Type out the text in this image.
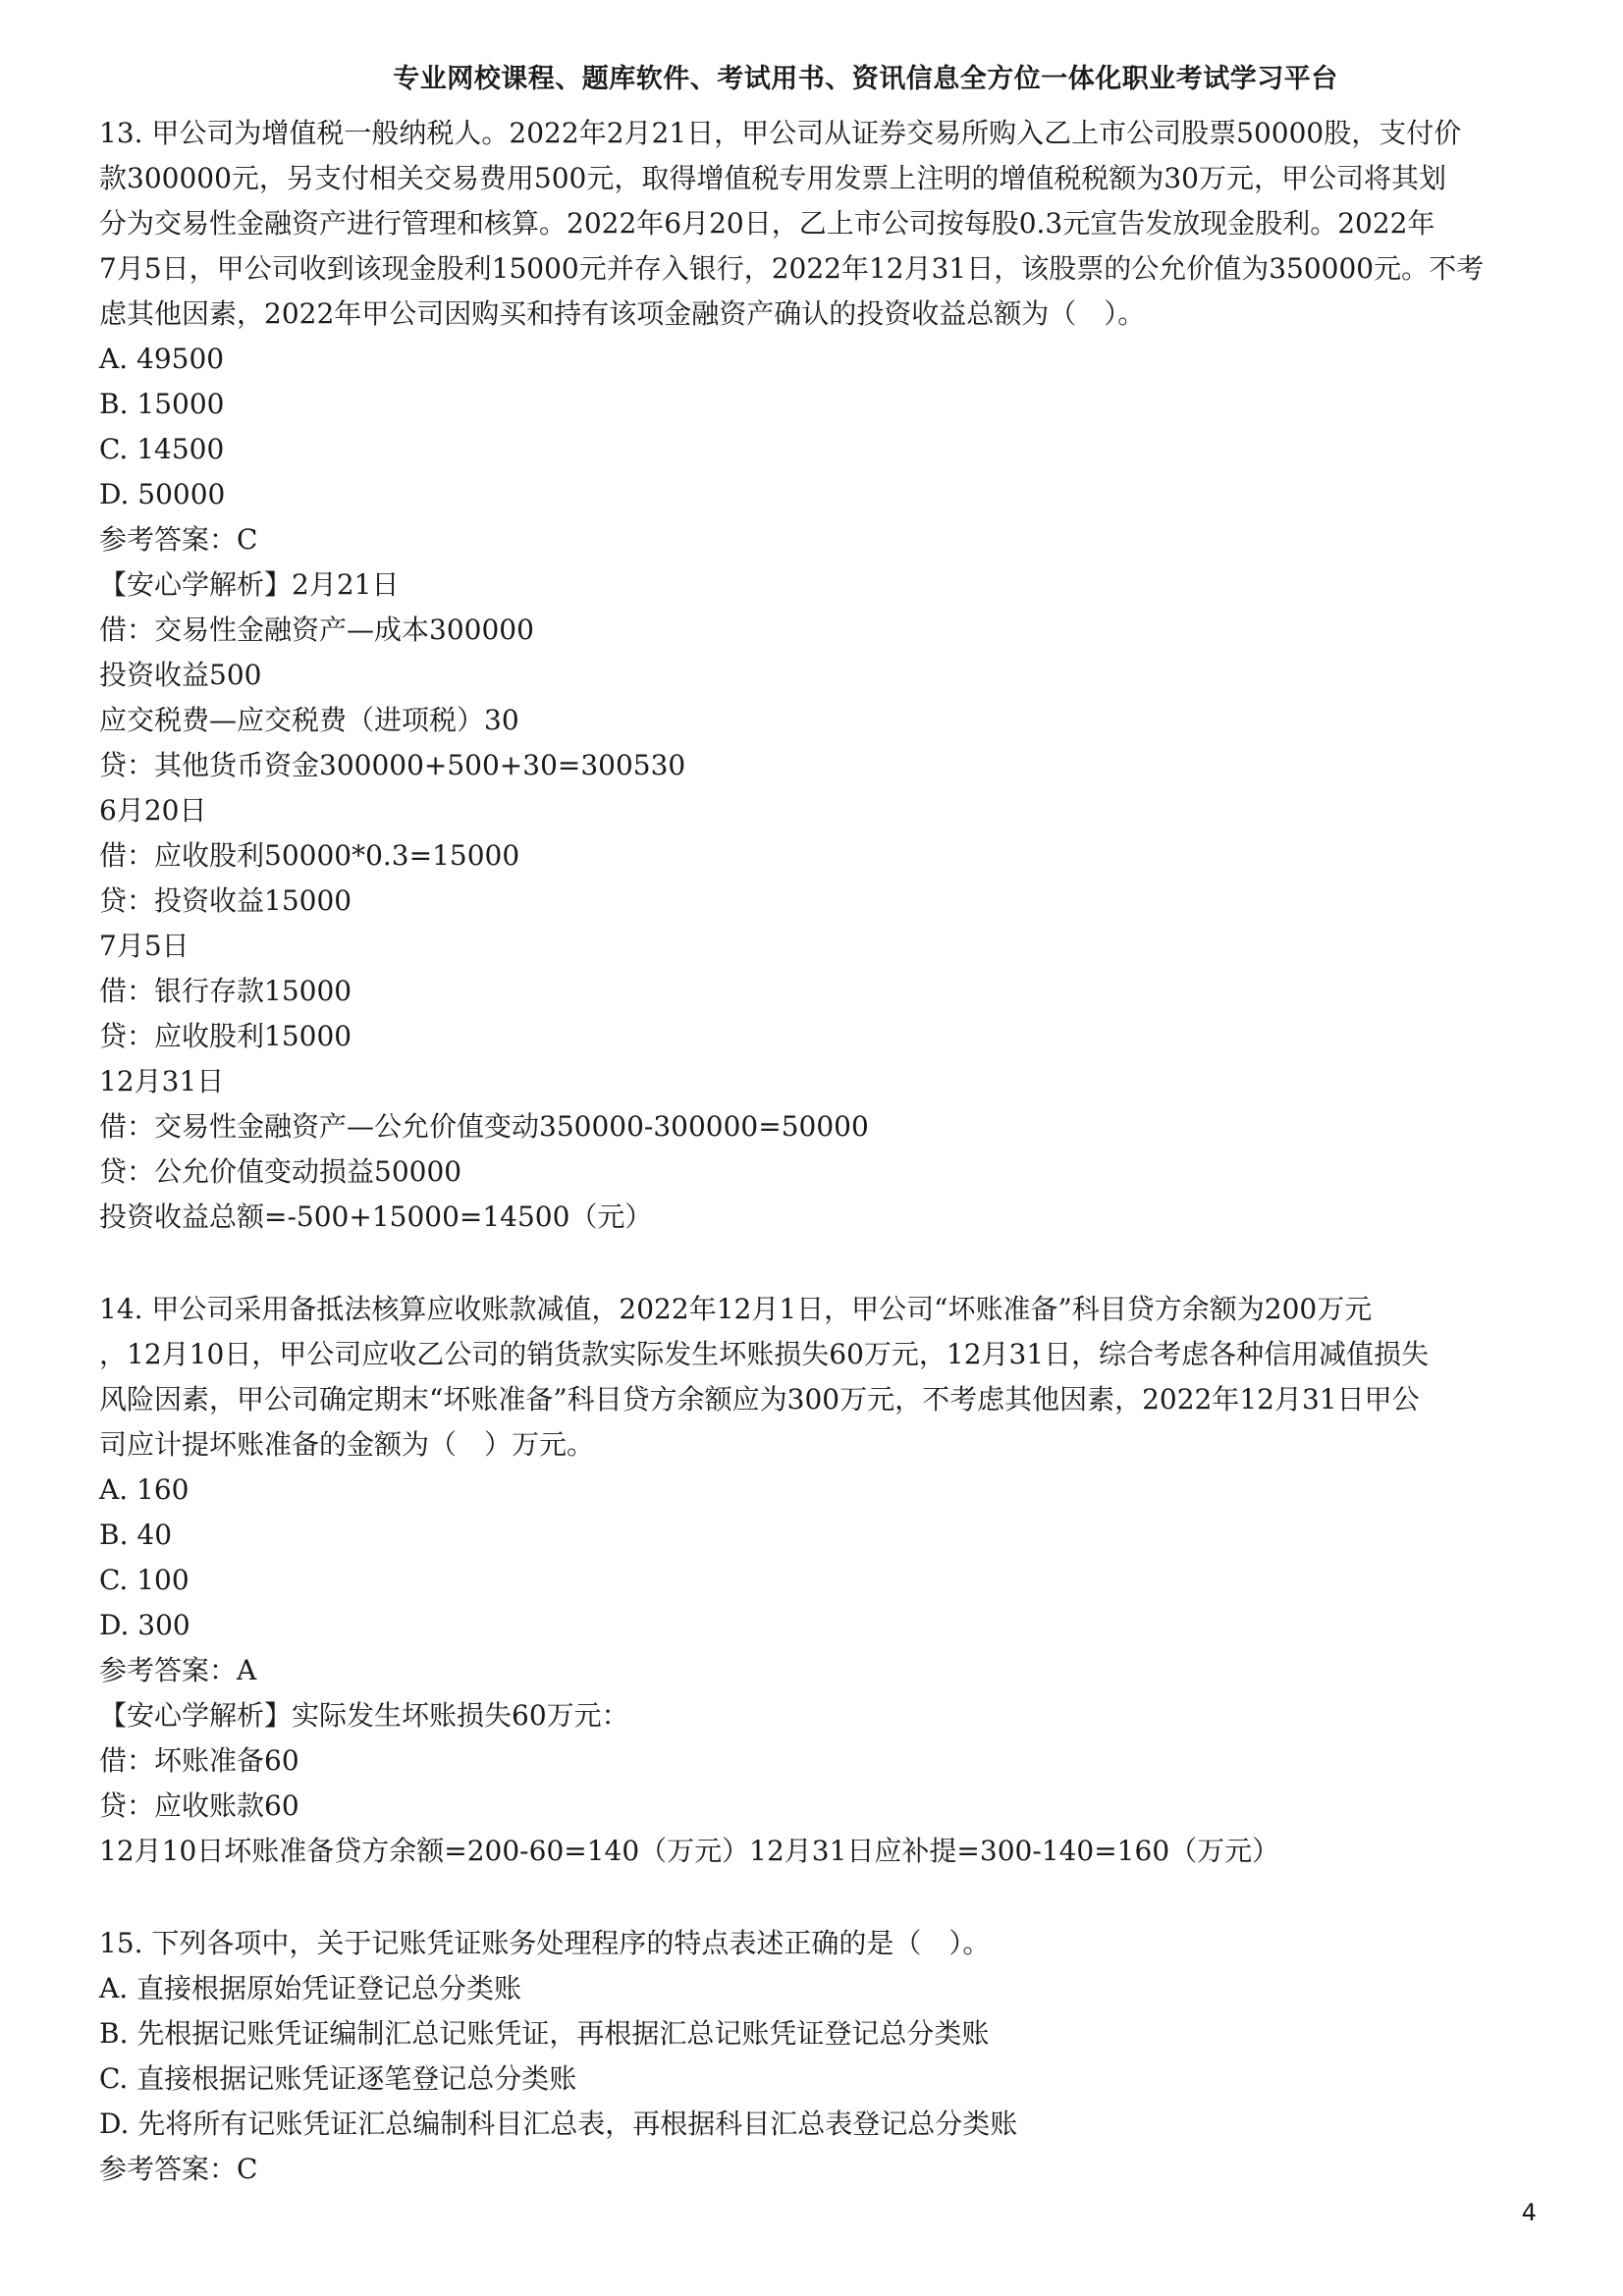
专业网校课程、题库软件、考试用书、资讯信息全方位一体化职业考试学习平台
13. 甲公司为增值税一般纳税人。2022年2月21日，甲公司从证券交易所购入乙上市公司股票50000股，支付价
款300000元，另支付相关交易费用500元，取得增值税专用发票上注明的增值税税额为30万元，甲公司将其划
分为交易性金融资产进行管理和核算。2022年6月20日，乙上市公司按每股0.3元宣告发放现金股利。2022年
7月5日，甲公司收到该现金股利15000元并存入银行，2022年12月31日，该股票的公允价值为350000元。不考
虑其他因素，2022年甲公司因购买和持有该项金融资产确认的投资收益总额为（　）。
A. 49500
B. 15000
C. 14500
D. 50000
参考答案：C
【安心学解析】2月21日
借：交易性金融资产—成本300000
投资收益500
应交税费—应交税费（进项税）30
贷：其他货币资金300000+500+30=300530
6月20日
借：应收股利50000*0.3=15000
贷：投资收益15000
7月5日
借：银行存款15000
贷：应收股利15000
12月31日
借：交易性金融资产—公允价值变动350000-300000=50000
贷：公允价值变动损益50000
投资收益总额=-500+15000=14500（元）
14. 甲公司采用备抵法核算应收账款减值，2022年12月1日，甲公司“坏账准备”科目贷方余额为200万元
，12月10日，甲公司应收乙公司的销货款实际发生坏账损失60万元，12月31日，综合考虑各种信用减值损失
风险因素，甲公司确定期末“坏账准备”科目贷方余额应为300万元，不考虑其他因素，2022年12月31日甲公
司应计提坏账准备的金额为（　）万元。
A. 160
B. 40
C. 100
D. 300
参考答案：A
【安心学解析】实际发生坏账损失60万元：
借：坏账准备60
贷：应收账款60
12月10日坏账准备贷方余额=200-60=140（万元）12月31日应补提=300-140=160（万元）
15. 下列各项中，关于记账凭证账务处理程序的特点表述正确的是（　）。
A. 直接根据原始凭证登记总分类账
B. 先根据记账凭证编制汇总记账凭证，再根据汇总记账凭证登记总分类账
C. 直接根据记账凭证逐笔登记总分类账
D. 先将所有记账凭证汇总编制科目汇总表，再根据科目汇总表登记总分类账
参考答案：C
4
